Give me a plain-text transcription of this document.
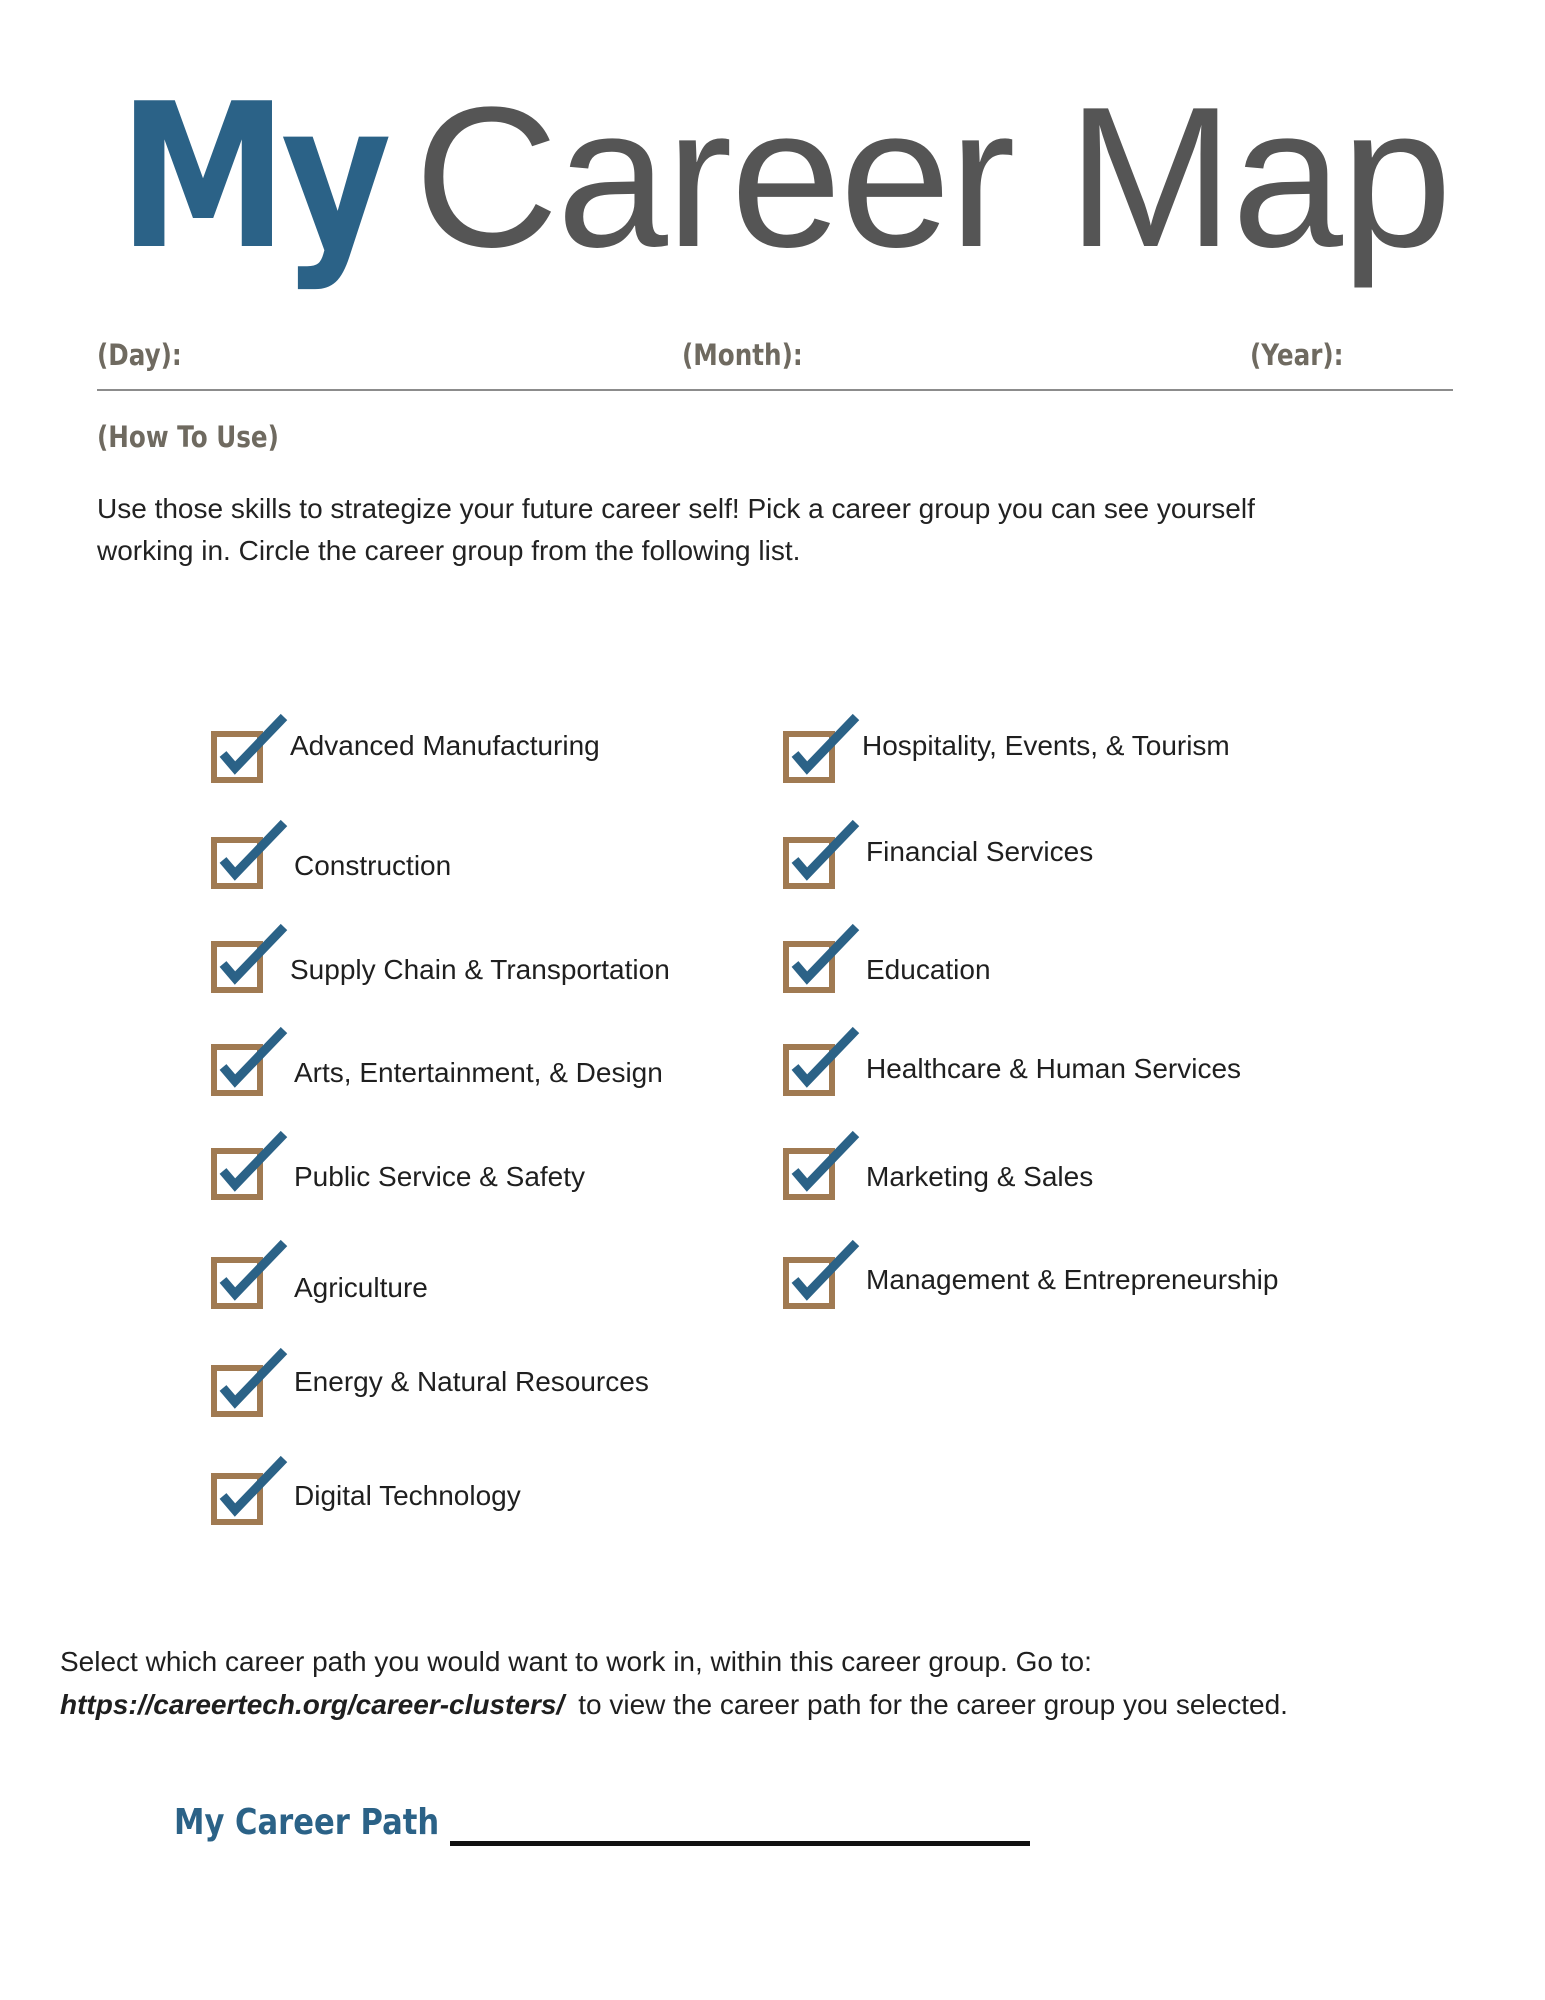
My Career Map
(Day):	(Month):	(Year):
(How To Use)
Use those skills to strategize your future career self! Pick a career group you can see yourself
working in. Circle the career group from the following list.
Advanced Manufacturing
Construction
Supply Chain & Transportation
Arts, Entertainment, & Design
Public Service & Safety
Agriculture
Energy & Natural Resources
Digital Technology
Hospitality, Events, & Tourism
Financial Services
Education
Healthcare & Human Services
Marketing & Sales
Management & Entrepreneurship
Select which career path you would want to work in, within this career group. Go to:
https://careertech.org/career-clusters/ to view the career path for the career group you selected.
My Career Path
